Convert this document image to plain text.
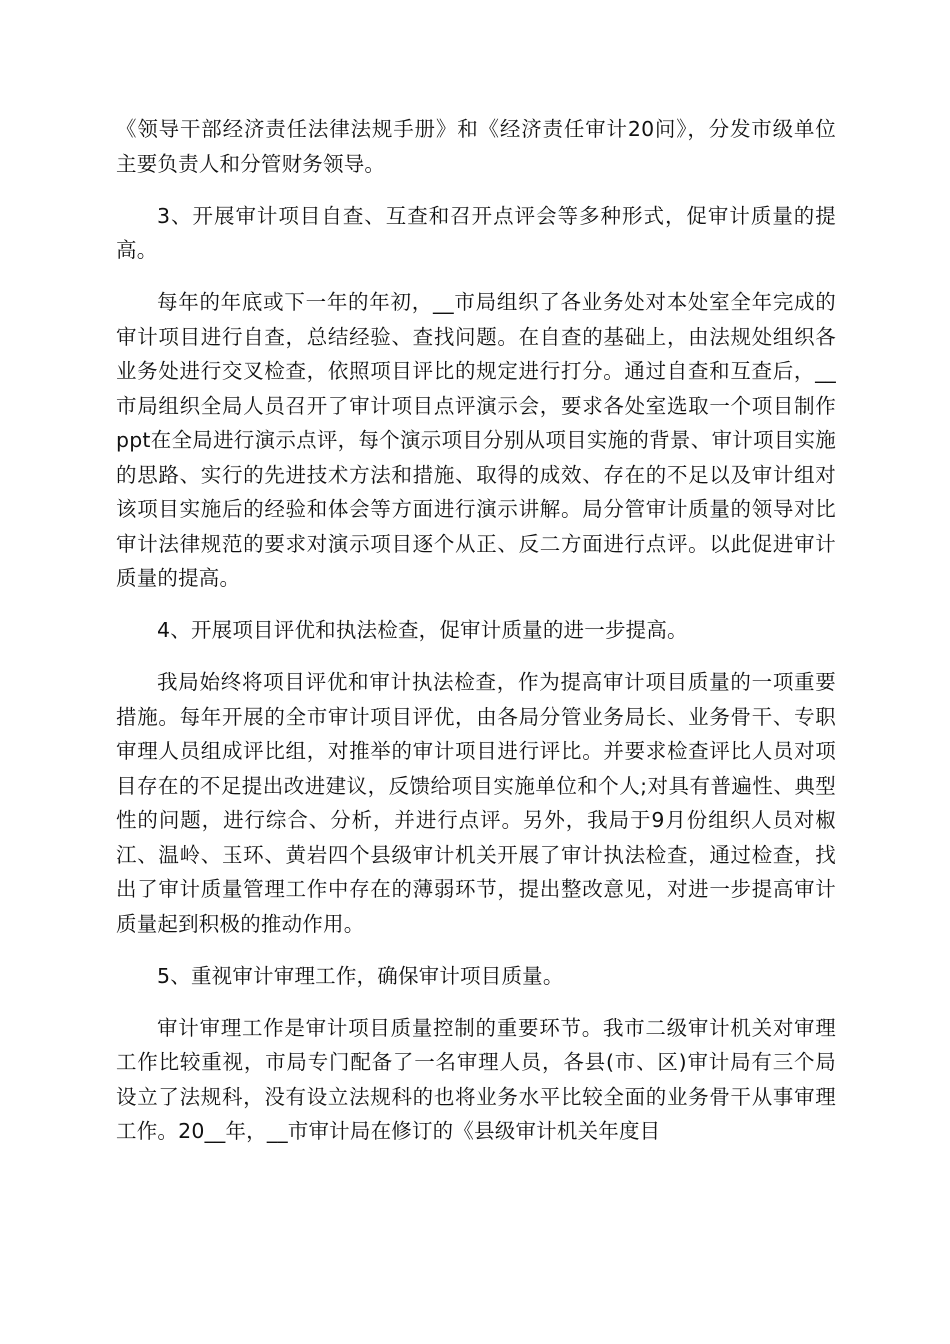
《领导干部经济责任法律法规手册》和《经济责任审计20问》，分发市级单位主要负责人和分管财务领导。

3、开展审计项目自查、互查和召开点评会等多种形式，促审计质量的提高。

每年的年底或下一年的年初，__市局组织了各业务处对本处室全年完成的审计项目进行自查，总结经验、查找问题。在自查的基础上，由法规处组织各业务处进行交叉检查，依照项目评比的规定进行打分。通过自查和互查后，__市局组织全局人员召开了审计项目点评演示会，要求各处室选取一个项目制作ppt在全局进行演示点评，每个演示项目分别从项目实施的背景、审计项目实施的思路、实行的先进技术方法和措施、取得的成效、存在的不足以及审计组对该项目实施后的经验和体会等方面进行演示讲解。局分管审计质量的领导对比审计法律规范的要求对演示项目逐个从正、反二方面进行点评。以此促进审计质量的提高。

4、开展项目评优和执法检查，促审计质量的进一步提高。

我局始终将项目评优和审计执法检查，作为提高审计项目质量的一项重要措施。每年开展的全市审计项目评优，由各局分管业务局长、业务骨干、专职审理人员组成评比组，对推举的审计项目进行评比。并要求检查评比人员对项目存在的不足提出改进建议，反馈给项目实施单位和个人;对具有普遍性、典型性的问题，进行综合、分析，并进行点评。另外，我局于9月份组织人员对椒江、温岭、玉环、黄岩四个县级审计机关开展了审计执法检查，通过检查，找出了审计质量管理工作中存在的薄弱环节，提出整改意见，对进一步提高审计质量起到积极的推动作用。

5、重视审计审理工作，确保审计项目质量。

审计审理工作是审计项目质量控制的重要环节。我市二级审计机关对审理工作比较重视，市局专门配备了一名审理人员，各县(市、区)审计局有三个局设立了法规科，没有设立法规科的也将业务水平比较全面的业务骨干从事审理工作。20__年，__市审计局在修订的《县级审计机关年度目
